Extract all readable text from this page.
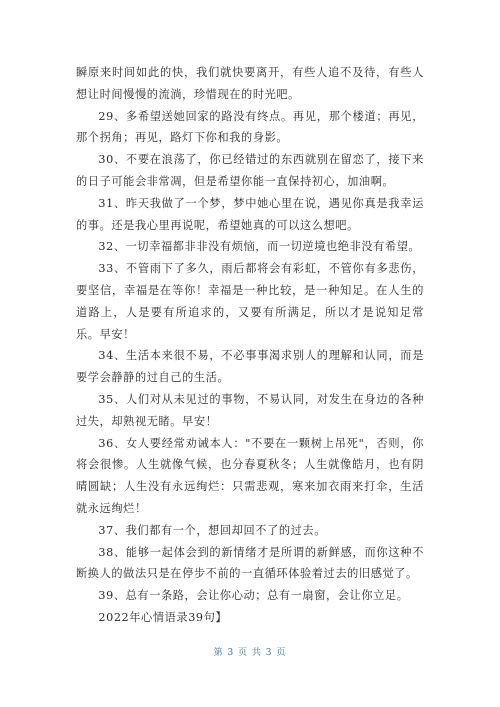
瞬原来时间如此的快，我们就快要离开，有些人追不及待，有些人想让时间慢慢的流淌，珍惜现在的时光吧。

29、多希望送她回家的路没有终点。再见，那个楼道；再见，那个拐角；再见，路灯下你和我的身影。

30、不要在浪荡了，你已经错过的东西就别在留恋了，接下来的日子可能会非常凋，但是希望你能一直保持初心，加油啊。

31、昨天我做了一个梦，梦中她心里在说，遇见你真是我幸运的事。还是我心里再说呢，希望她真的可以这么想吧。

32、一切幸福都非非没有烦恼，而一切逆境也绝非没有希望。

33、不管雨下了多久，雨后都将会有彩虹，不管你有多悲伤，要坚信，幸福是在等你！幸福是一种比较，是一种知足。在人生的道路上，人是要有所追求的，又要有所满足，所以才是说知足常乐。早安！

34、生活本来很不易，不必事事渴求别人的理解和认同，而是要学会静静的过自己的生活。

35、人们对从未见过的事物，不易认同，对发生在身边的各种过失，却熟视无睹。早安！

36、女人要经常劝诫本人："不要在一颗树上吊死"，否则，你将会很惨。人生就像气候，也分春夏秋冬；人生就像皓月，也有阴晴圆缺；人生没有永远绚烂：只需悲观，寒来加衣雨来打伞，生活就永远绚烂！

37、我们都有一个，想回却回不了的过去。

38、能够一起体会到的新情绪才是所谓的新鲜感，而你这种不断换人的做法只是在停步不前的一直循环体验着过去的旧感觉了。

39、总有一条路，会让你心动；总有一扇窗，会让你立足。

2022年心情语录39句】

第 3 页 共 3 页
